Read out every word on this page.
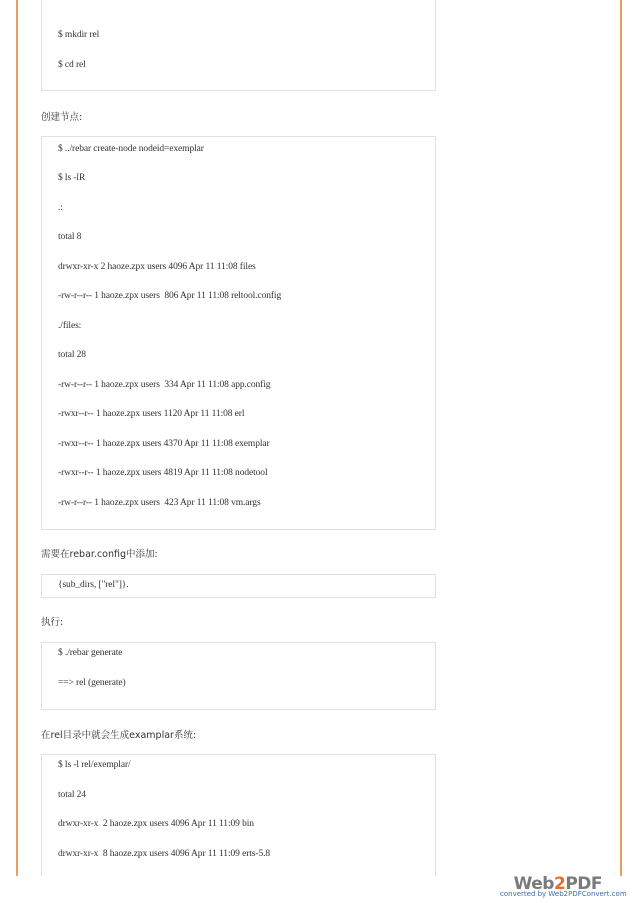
$ mkdir rel
$ cd rel
创建节点:
$ ../rebar create-node nodeid=exemplar
$ ls -lR
.:
total 8
drwxr-xr-x 2 haoze.zpx users 4096 Apr 11 11:08 files
-rw-r--r-- 1 haoze.zpx users  806 Apr 11 11:08 reltool.config
./files:
total 28
-rw-r--r-- 1 haoze.zpx users  334 Apr 11 11:08 app.config
-rwxr--r-- 1 haoze.zpx users 1120 Apr 11 11:08 erl
-rwxr--r-- 1 haoze.zpx users 4370 Apr 11 11:08 exemplar
-rwxr--r-- 1 haoze.zpx users 4819 Apr 11 11:08 nodetool
-rw-r--r-- 1 haoze.zpx users  423 Apr 11 11:08 vm.args
需要在rebar.config中添加:
{sub_dirs, ["rel"]}.
执行:
$ ./rebar generate
==> rel (generate)
在rel目录中就会生成examplar系统:
$ ls -l rel/exemplar/
total 24
drwxr-xr-x  2 haoze.zpx users 4096 Apr 11 11:09 bin
drwxr-xr-x  8 haoze.zpx users 4096 Apr 11 11:09 erts-5.8
Web2PDF
converted by Web2PDFConvert.com
